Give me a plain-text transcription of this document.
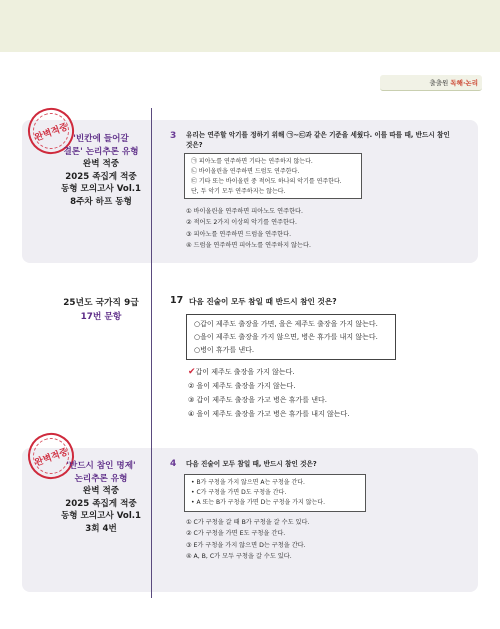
출출원 독해·논리
완벽적중 '빈칸에 들어갈
결론' 논리추론 유형
완벽 적중
2025 족집게 적중
동형 모의고사 Vol.1
8주차 하프 동형
3 유리는 연주할 악기를 정하기 위해 ㉠~㉢과 같은 기준을 세웠다. 이를 따를 때, 반드시 참인
것은?
㉠ 피아노를 연주하면 기타는 연주하지 않는다.
㉡ 바이올린을 연주하면 드럼도 연주한다.
㉢ 기타 또는 바이올린 중 적어도 하나의 악기를 연주한다.
단, 두 악기 모두 연주하지는 않는다.
① 바이올린을 연주하면 피아노도 연주한다.
② 적어도 2가지 이상의 악기를 연주한다.
③ 피아노를 연주하면 드럼을 연주한다.
④ 드럼을 연주하면 피아노를 연주하지 않는다.
25년도 국가직 9급
17번 문항
17 다음 진술이 모두 참일 때 반드시 참인 것은?
○갑이 제주도 출장을 가면, 을은 제주도 출장을 가지 않는다.
○을이 제주도 출장을 가지 않으면, 병은 휴가를 내지 않는다.
○병이 휴가를 낸다.
✔갑이 제주도 출장을 가지 않는다.
② 을이 제주도 출장을 가지 않는다.
③ 갑이 제주도 출장을 가고 병은 휴가를 낸다.
④ 을이 제주도 출장을 가고 병은 휴가를 내지 않는다.
완벽적중
'반드시 참인 명제'
논리추론 유형
완벽 적중
2025 족집게 적중
동형 모의고사 Vol.1
3회 4번
4 다음 진술이 모두 참일 때, 반드시 참인 것은?
• B가 구청을 가지 않으면 A는 구청을 간다.
• C가 구청을 가면 D도 구청을 간다.
• A 또는 B가 구청을 가면 D는 구청을 가지 않는다.
① C가 구청을 갈 때 B가 구청을 갈 수도 있다.
② C가 구청을 가면 E도 구청을 간다.
③ E가 구청을 가지 않으면 D는 구청을 간다.
④ A, B, C가 모두 구청을 갈 수도 있다.
